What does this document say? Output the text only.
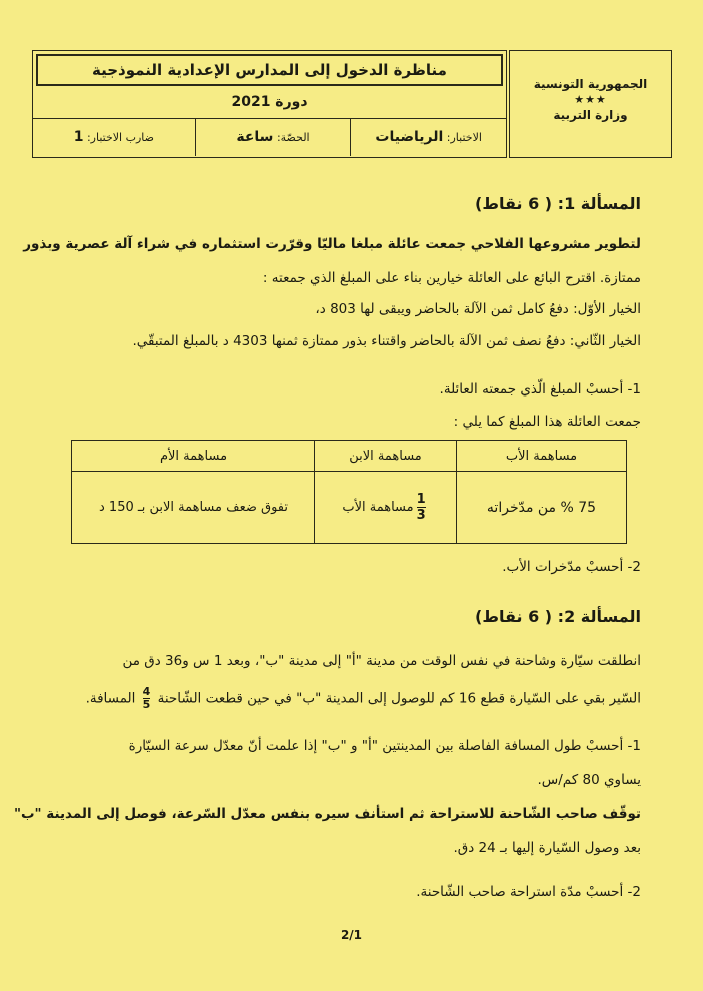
مناظرة الدخول إلى المدارس الإعدادية النموذجية
دورة 2021
الاختبار: الرياضيات
الحصّة: ساعة
ضارب الاختبار: 1
الجمهورية التونسية
★★★
وزارة التربية
المسألة 1: ( 6 نقاط)
لتطوير مشروعها الفلاحي جمعت عائلة مبلغا ماليّا وقرّرت استثماره في شراء آلة عصرية وبذور
ممتازة. اقترح البائع على العائلة خيارين بناء على المبلغ الذي جمعته :
الخيار الأوّل: دفعُ كامل ثمن الآلة بالحاضر ويبقى لها 803 د،
الخيار الثّاني: دفعُ نصف ثمن الآلة بالحاضر واقتناء بذور ممتازة ثمنها 4303 د بالمبلغ المتبقّي.
1- أحسبْ المبلغ الّذي جمعته العائلة.
جمعت العائلة هذا المبلغ كما يلي :
مساهمة الأب
مساهمة الابن
مساهمة الأم
75 % من مدّخراته
$\frac{1}{3}$
مساهمة الأب
تفوق ضعف مساهمة الابن بـ 150 د
2- أحسبْ مدّخرات الأب.
المسألة 2: ( 6 نقاط)
انطلقت سيّارة وشاحنة في نفس الوقت من مدينة "أ" إلى مدينة "ب"، وبعد 1 س و36 دق من
السّير بقي على السّيارة قطع 16 كم للوصول إلى المدينة "ب" في حين قطعت الشّاحنة
$\frac{4}{5}$
المسافة.
1- أحسبْ طول المسافة الفاصلة بين المدينتين "أ" و "ب" إذا علمت أنّ معدّل سرعة السيّارة
يساوي 80 كم/س.
توقّف صاحب الشّاحنة للاستراحة ثم استأنف سيره بنفس معدّل السّرعة، فوصل إلى المدينة "ب"
بعد وصول السّيارة إليها بـ 24 دق.
2- أحسبْ مدّة استراحة صاحب الشّاحنة.
2/1
